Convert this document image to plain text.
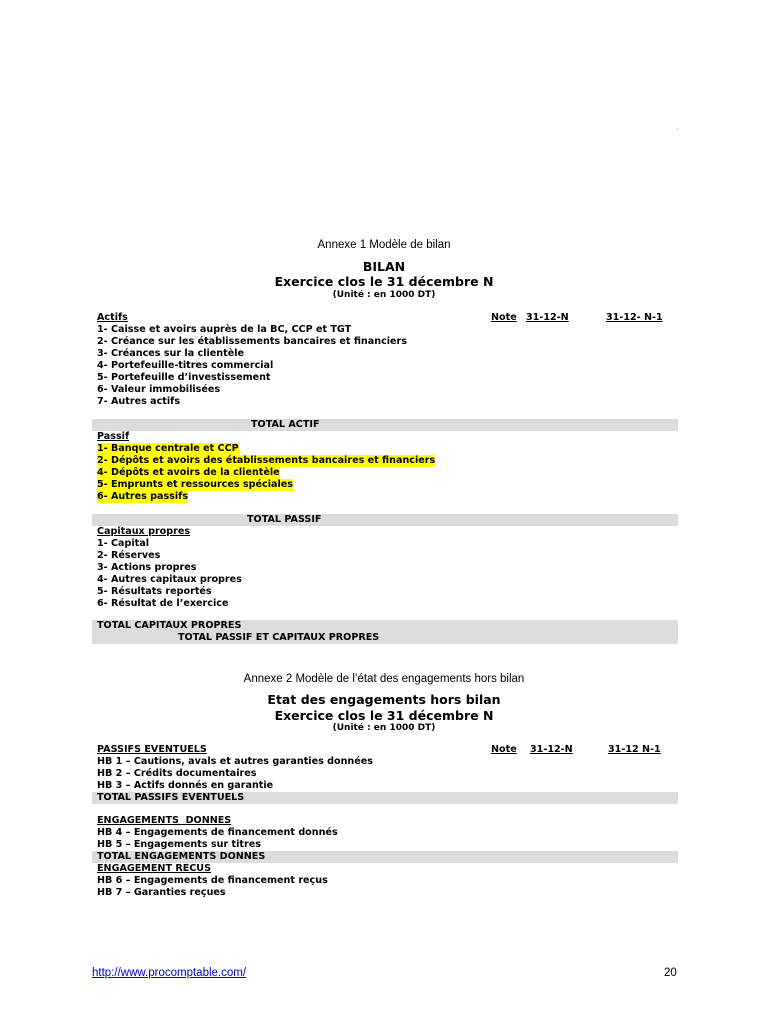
'
Annexe 1 Modèle de bilan
BILAN
Exercice clos le 31 décembre N
(Unité : en 1000 DT)
Actifs	Note 31-12-N	31-12- N-1
1- Caisse et avoirs auprès de la BC, CCP et TGT
2- Créance sur les établissements bancaires et financiers
3- Créances sur la clientèle
4- Portefeuille-titres commercial
5- Portefeuille d’investissement
6- Valeur immobilisées
7- Autres actifs
TOTAL ACTIF
Passif
1- Banque centrale et CCP
2- Dépôts et avoirs des établissements bancaires et financiers
4- Dépôts et avoirs de la clientèle
5- Emprunts et ressources spéciales
6- Autres passifs
TOTAL PASSIF
Capitaux propres
1- Capital
2- Réserves
3- Actions propres
4- Autres capitaux propres
5- Résultats reportés
6- Résultat de l’exercice
TOTAL CAPITAUX PROPRES
TOTAL PASSIF ET CAPITAUX PROPRES
Annexe 2 Modèle de l’état des engagements hors bilan
Etat des engagements hors bilan
Exercice clos le 31 décembre N
(Unité : en 1000 DT)
PASSIFS EVENTUELS	Note 31-12-N	31-12 N-1
HB 1 – Cautions, avals et autres garanties données
HB 2 – Crédits documentaires
HB 3 – Actifs donnés en garantie
TOTAL PASSIFS EVENTUELS
ENGAGEMENTS  DONNES
HB 4 – Engagements de financement donnés
HB 5 – Engagements sur titres
TOTAL ENGAGEMENTS DONNES
ENGAGEMENT RECUS
HB 6 – Engagements de financement reçus
HB 7 – Garanties reçues
http://www.procomptable.com/	20
